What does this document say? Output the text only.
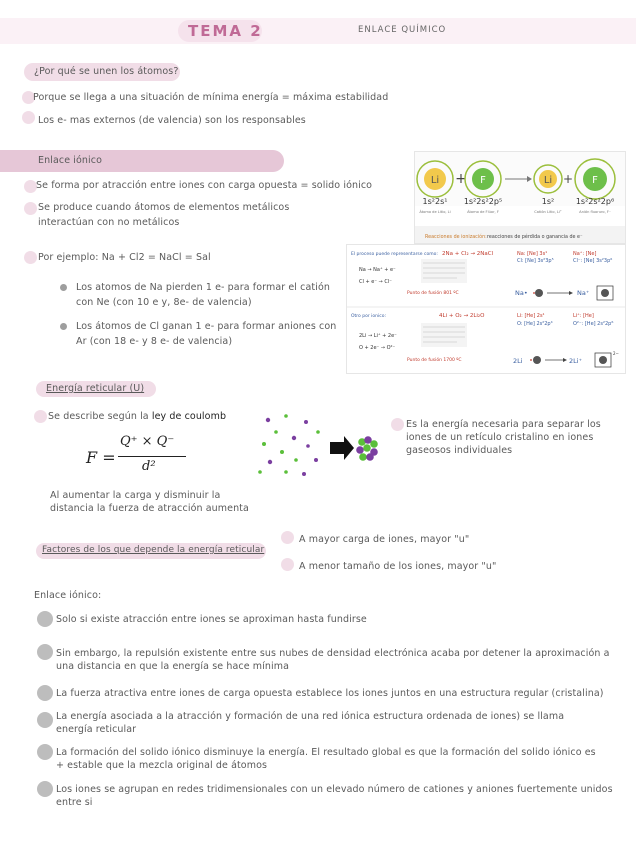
TEMA 2	ENLACE QUÍMICO
¿Por qué se unen los átomos?
Porque se llega a una situación de mínima energía = máxima estabilidad
Los e- mas externos (de valencia) son los responsables
Enlace iónico
Se forma por atracción entre iones con carga opuesta = solido iónico
Se produce cuando átomos de elementos metálicos interactúan con no metálicos
Por ejemplo: Na + Cl2 = NaCl = Sal
Los atomos de Na pierden 1 e- para formar el catión con Ne (con 10 e y, 8e- de valencia)
Los átomos de Cl ganan 1 e- para formar aniones con Ar (con 18 e- y 8 e- de valencia)
Li + F	Li + F
1s²2s¹ 1s²2s²2p⁵	1s²	1s²2s²2p⁶
Átomo de Litio, Li	Átomo de Flúor, F	Catión Litio, Li⁺	Anión fluoruro, F⁻
Reacciones de ionización: reacciones de pérdida o ganancia de e⁻
El proceso puede representarse como: 2Na + Cl₂ → 2NaCl	Na: [Ne] 3s¹
Cl: [Ne] 3s²3p⁵
Na⁺: [Ne]
Cl⁻: [Ne] 3s²3p⁶
Na → Na⁺ + e⁻
Cl + e⁻ → Cl⁻
Punto de fusión 801 ºC	Na•	Na⁺
Otro por ionico:	4Li + O₂ → 2Li₂O	Li: [He] 2s¹
O: [He] 2s²2p⁴
Li⁺: [He]
O²⁻: [He] 2s²2p⁶
2Li → Li⁺ + 2e⁻
O + 2e⁻ → O²⁻
Punto de fusión 1700 ºC	2Li	2Li⁺
2−
Energía reticular (U)
Se describe según la ley de coulomb
F =
Q⁺ × Q⁻
d²
Es la energía necesaria para separar los iones de un retículo cristalino en iones gaseosos individuales
Al aumentar la carga y disminuir la distancia la fuerza de atracción aumenta
Factores de los que depende la energía reticular
A mayor carga de iones, mayor "u"
A menor tamaño de los iones, mayor "u"
Enlace iónico:
Solo si existe atracción entre iones se aproximan hasta fundirse
Sin embargo, la repulsión existente entre sus nubes de densidad electrónica acaba por detener la aproximación a una distancia en que la energía se hace mínima
La fuerza atractiva entre iones de carga opuesta establece los iones juntos en una estructura regular (cristalina)
La energía asociada a la atracción y formación de una red iónica estructura ordenada de iones) se llama energía reticular
La formación del solido iónico disminuye la energía. El resultado global es que la formación del solido iónico es + estable que la mezcla original de átomos
Los iones se agrupan en redes tridimensionales con un elevado número de cationes y aniones fuertemente unidos entre si
